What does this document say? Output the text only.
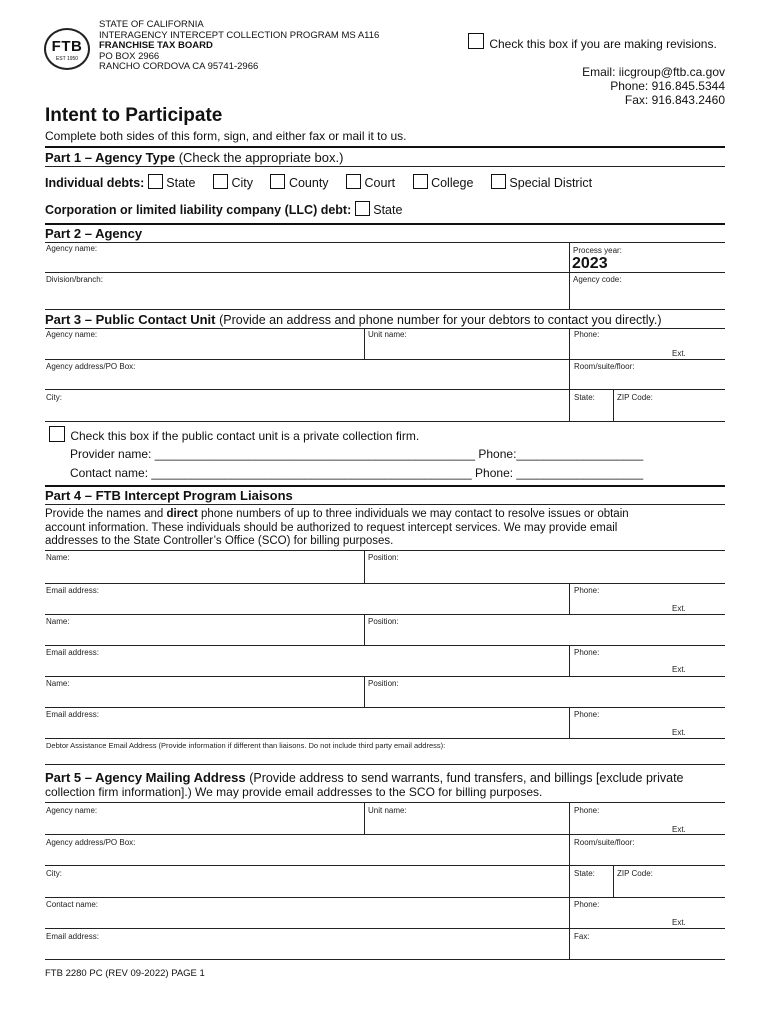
FTB
EST 1950
STATE OF CALIFORNIA
INTERAGENCY INTERCEPT COLLECTION PROGRAM MS A116
FRANCHISE TAX BOARD
PO BOX 2966
RANCHO CORDOVA CA 95741-2966
Check this box if you are making revisions.
Email: iicgroup@ftb.ca.gov
Phone: 916.845.5344
Fax: 916.843.2460
Intent to Participate
Complete both sides of this form, sign, and either fax or mail it to us.
Part 1 – Agency Type (Check the appropriate box.)
Individual debts: State	City	County	Court	College	Special District
Corporation or limited liability company (LLC) debt: State
Part 2 – Agency
Agency name:	Process year:
2023
Division/branch:	Agency code:
Part 3 – Public Contact Unit (Provide an address and phone number for your debtors to contact you directly.)
Agency name:	Unit name:	Phone:
Ext.
Agency address/PO Box:	Room/suite/floor:
City:	State:	ZIP Code:
Check this box if the public contact unit is a private collection firm.
Provider name: ________________________________________________ Phone:___________________
Contact name: ________________________________________________ Phone: ___________________
Part 4 – FTB Intercept Program Liaisons
Provide the names and direct phone numbers of up to three individuals we may contact to resolve issues or obtain
account information. These individuals should be authorized to request intercept services. We may provide email
addresses to the State Controller’s Office (SCO) for billing purposes.
Name:	Position:
Email address:	Phone:
Ext.
Name:	Position:
Email address:	Phone:
Ext.
Name:	Position:
Email address:	Phone:
Ext.
Debtor Assistance Email Address (Provide information if different than liaisons. Do not include third party email address):
Part 5 – Agency Mailing Address (Provide address to send warrants, fund transfers, and billings [exclude private
collection firm information].) We may provide email addresses to the SCO for billing purposes.
Agency name:	Unit name:	Phone:
Ext.
Agency address/PO Box:	Room/suite/floor:
City:	State:	ZIP Code:
Contact name:	Phone:
Ext.
Email address:	Fax:
FTB 2280 PC (REV 09-2022) PAGE 1
